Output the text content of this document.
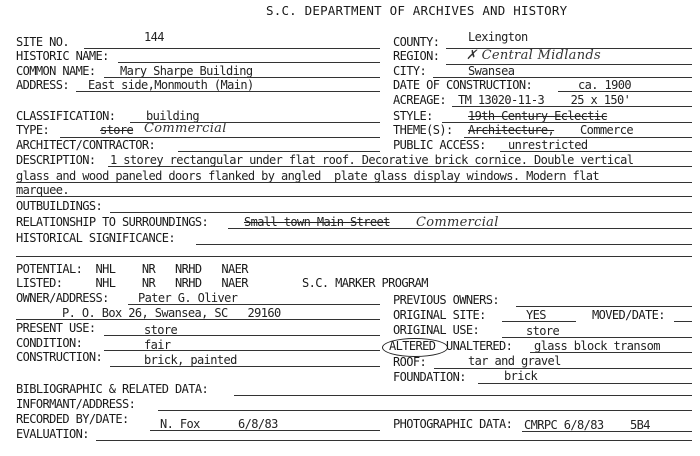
S.C. DEPARTMENT OF ARCHIVES AND HISTORY
SITE NO.	144	COUNTY: Lexington
HISTORIC NAME:	REGION: ✗ Central Midlands
COMMON NAME: Mary Sharpe Building	CITY:	Swansea
ADDRESS: East side,Monmouth (Main)	DATE OF CONSTRUCTION:	ca. 1900
ACREAGE: TM 13020-11-3    25 x 150'
CLASSIFICATION:	building	STYLE:	19th Century Eclectic
TYPE:	store Commercial	THEME(S): Architecture, Commerce
ARCHITECT/CONTRACTOR:	PUBLIC ACCESS: unrestricted
DESCRIPTION: 1 storey rectangular under flat roof. Decorative brick cornice. Double vertical
glass and wood paneled doors flanked by angled  plate glass display windows. Modern flat
marquee.
OUTBUILDINGS:
RELATIONSHIP TO SURROUNDINGS:	Small town Main Street Commercial
HISTORICAL SIGNIFICANCE:
POTENTIAL:  NHL    NR   NRHD   NAER
LISTED:     NHL    NR   NRHD   NAER	S.C. MARKER PROGRAM
OWNER/ADDRESS: Pater G. Oliver	PREVIOUS OWNERS:
P. O. Box 26, Swansea, SC   29160	ORIGINAL SITE:	YES	MOVED/DATE:
PRESENT USE:	store	ORIGINAL USE:	store
CONDITION:	fair	ALTERED UNALTERED: glass block transom
CONSTRUCTION:	brick, painted	ROOF:	tar and gravel
FOUNDATION:	brick
BIBLIOGRAPHIC & RELATED DATA:
INFORMANT/ADDRESS:
RECORDED BY/DATE:	N. Fox	6/8/83	PHOTOGRAPHIC DATA: CMRPC 6/8/83    5B4
EVALUATION:
